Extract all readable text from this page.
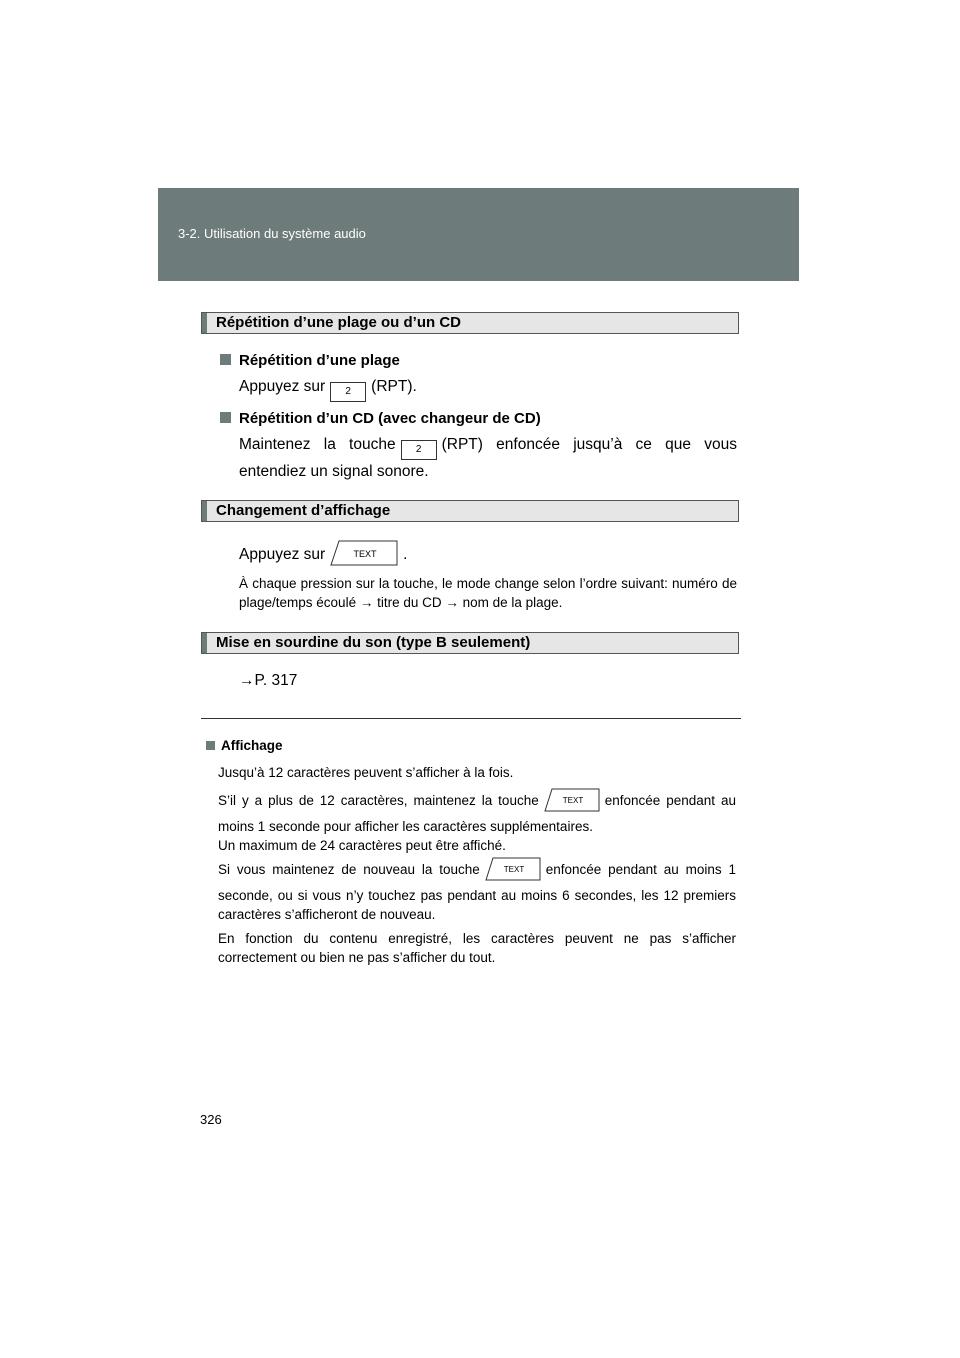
3-2. Utilisation du système audio
Répétition d’une plage ou d’un CD
Répétition d’une plage
Appuyez sur 2 (RPT).
Répétition d’un CD (avec changeur de CD)
Maintenez la touche 2 (RPT) enfoncée jusqu’à ce que vous entendiez un signal sonore.
Changement d’affichage
Appuyez sur	TEXT .
À chaque pression sur la touche, le mode change selon l’ordre suivant: numéro de plage/temps écoulé → titre du CD → nom de la plage.
Mise en sourdine du son (type B seulement)
→P. 317
Affichage
Jusqu’à 12 caractères peuvent s’afficher à la fois.
S’il y a plus de 12 caractères, maintenez la touche	TEXT enfoncée pendant au moins 1 seconde pour afficher les caractères supplémentaires.
Un maximum de 24 caractères peut être affiché.
Si vous maintenez de nouveau la touche	TEXT enfoncée pendant au moins 1 seconde, ou si vous n’y touchez pas pendant au moins 6 secondes, les 12 premiers caractères s’afficheront de nouveau.
En fonction du contenu enregistré, les caractères peuvent ne pas s’afficher correctement ou bien ne pas s’afficher du tout.
326
